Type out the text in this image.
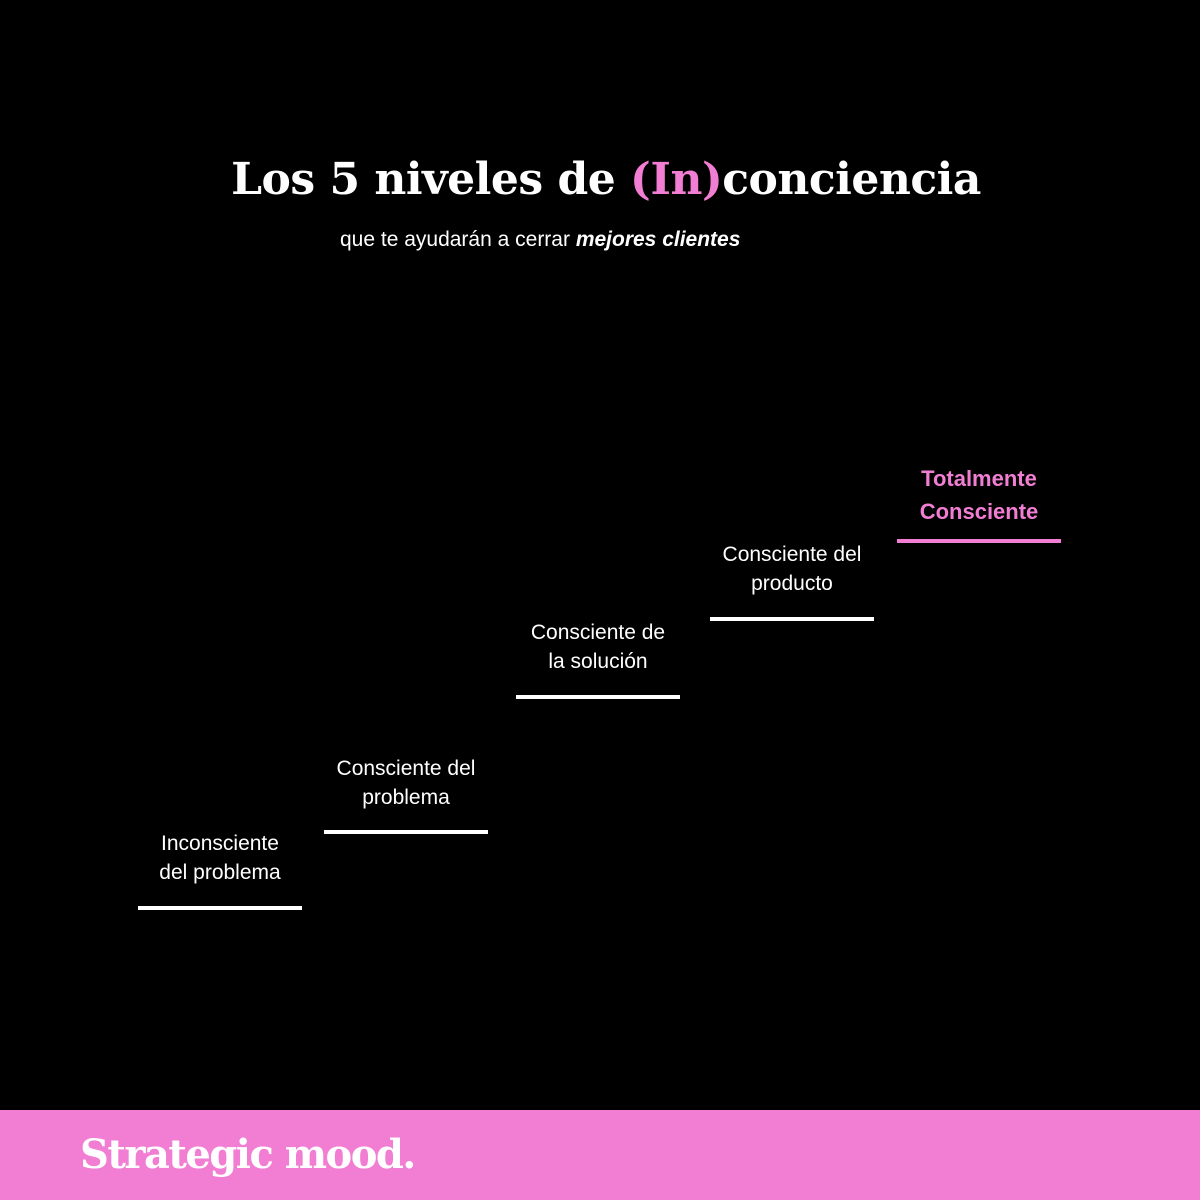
Los 5 niveles de (In)conciencia

que te ayudarán a cerrar mejores clientes

Inconsciente
del problema
Consciente del
problema
Consciente de
la solución
Consciente del
producto
Totalmente
Consciente
Strategic mood.
